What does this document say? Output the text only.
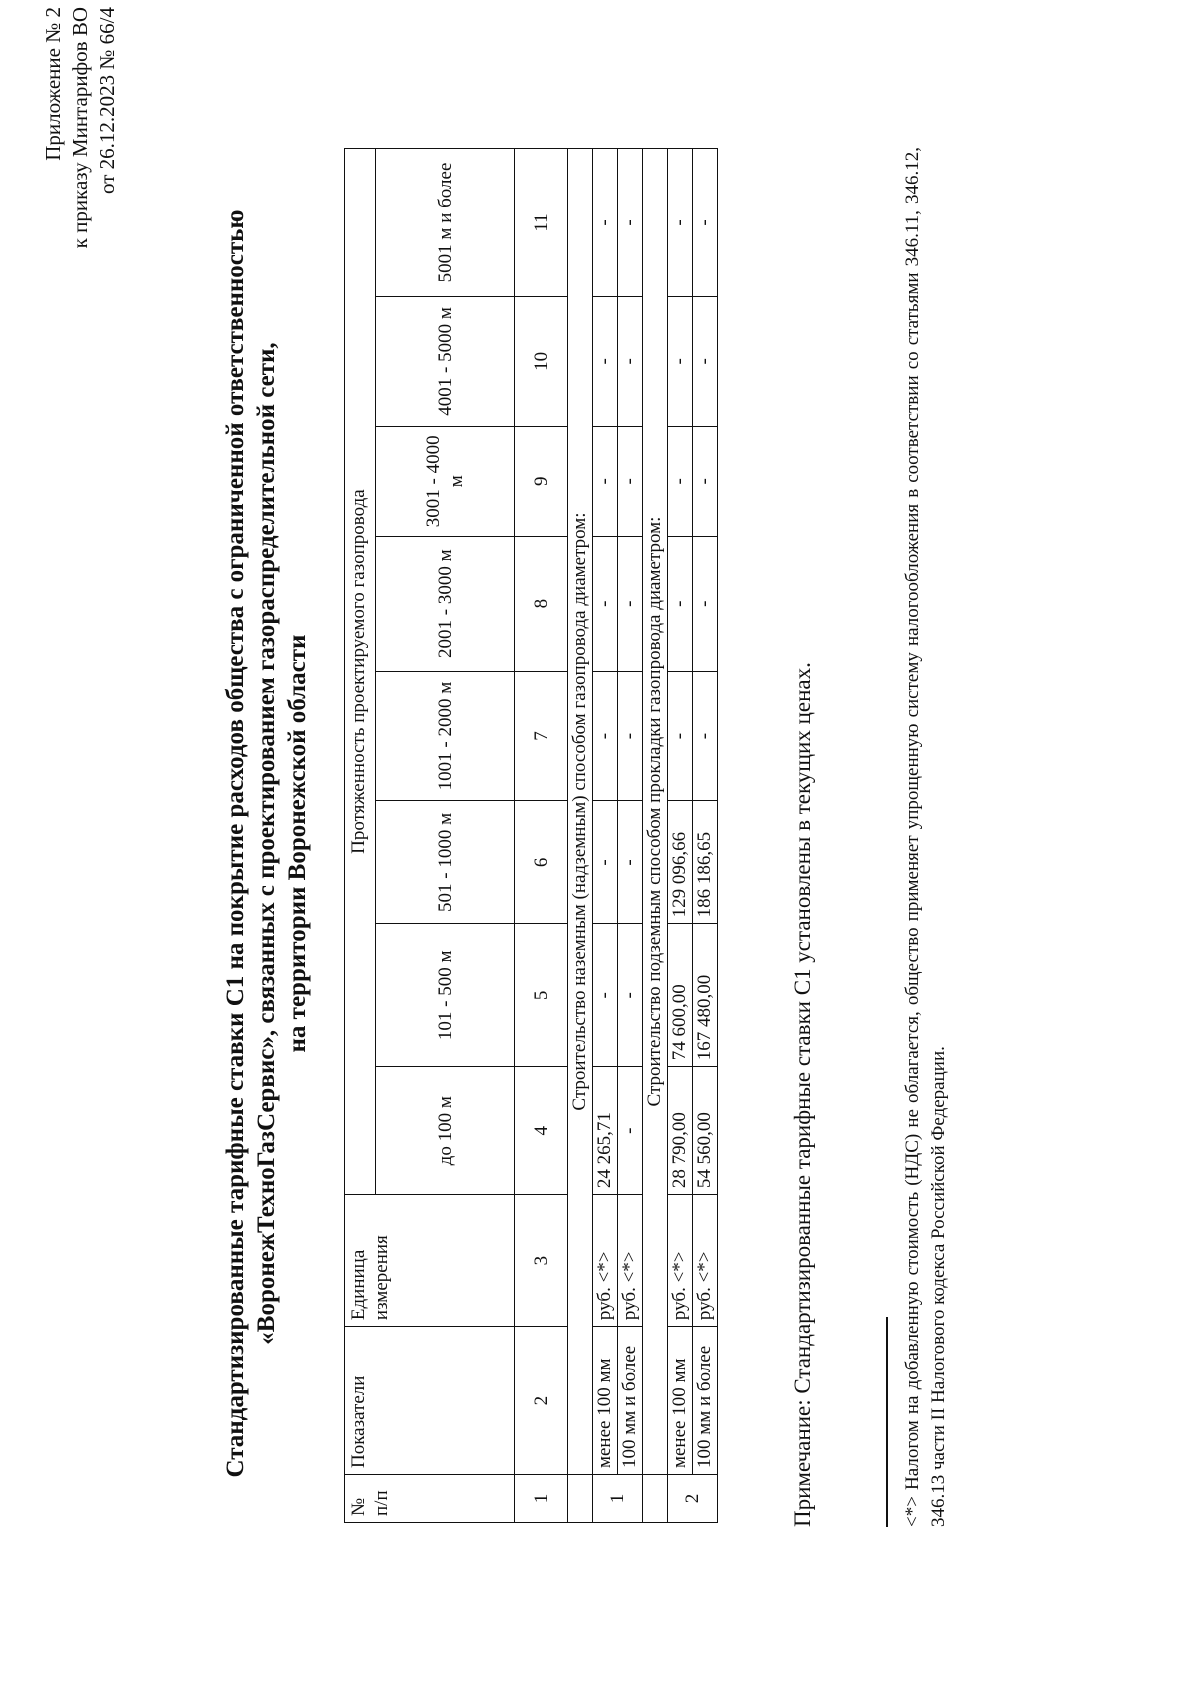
Приложение № 2 к приказу Минтарифов ВО от 26.12.2023 № 66/4
Стандартизированные тарифные ставки С1 на покрытие расходов общества с ограниченной ответственностью «ВоронежТехноГазСервис», связанных с проектированием газораспределительной сети, на территории Воронежской области
№ п/п	Показатели	Единица измерения	Протяженность проектируемого газопровода							
			до 100 м	101 - 500 м	501 - 1000 м	1001 - 2000 м	2001 - 3000 м	3001 - 4000 м	4001 - 5000 м	5001 м и более
1	2	3	4	5	6	7	8	9	10	11
	Строительство наземным (надземным) способом газопровода диаметром:									
1	менее 100 мм	руб. <*>	24 265,71	-	-	-	-	-	-	-
	100 мм и более	руб. <*>	-	-	-	-	-	-	-	-
	Строительство подземным способом прокладки газопровода диаметром:									
2	менее 100 мм	руб. <*>	28 790,00	74 600,00	129 096,66	-	-	-	-	-
	100 мм и более	руб. <*>	54 560,00	167 480,00	186 186,65	-	-	-	-	-
Примечание: Стандартизированные тарифные ставки С1 установлены в текущих ценах.	<*> Налогом на добавленную стоимость (НДС) не облагается, общество применяет упрощенную систему налогообложения в соответствии со статьями 346.11, 346.12, 346.13 части II Налогового кодекса Российской Федерации.
